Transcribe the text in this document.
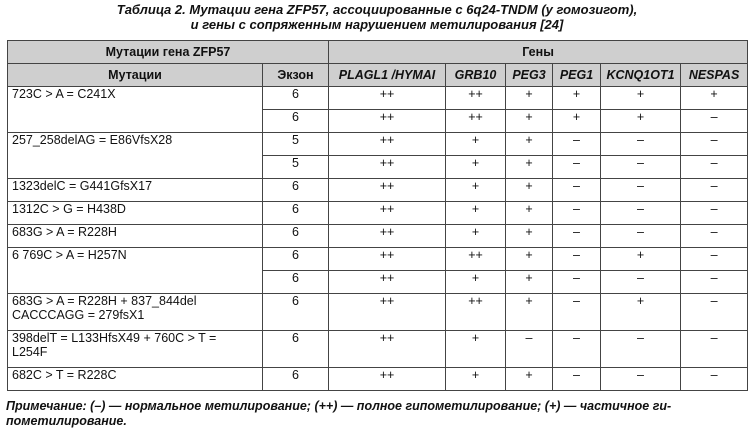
Таблица 2. Мутации гена ZFP57, ассоциированные с 6q24-TNDM (у гомозигот),
и гены с сопряженным нарушением метилирования [24]
Мутации гена ZFP57		Гены					
Мутации	Экзон	PLAGL1 /HYMAI	GRB10	PEG3	PEG1	KCNQ1OT1	NESPAS

723C > A = C241X	6	++	++	+	+	+	+
	6	++	++	+	+	+	–

257_258delAG = E86VfsX28	5	++	+	+	–	–	–
	5	++	+	+	–	–	–

1323delC = G441GfsX17	6	++	+	+	–	–	–

1312C > G = H438D	6	++	+	+	–	–	–

683G > A = R228H	6	++	+	+	–	–	–

6 769C > A = H257N	6	++	++	+	–	+	–
	6	++	+	+	–	–	–

683G > A = R228H + 837_844del
CACCCAGG = 279fsX1	6	++	++	+	–	+	–

398delT = L133HfsX49 + 760C > T =
L254F	6	++	+	–	–	–	–

682C > T = R228C	6	++	+	+	–	–	–
Примечание: (–) — нормальное метилирование; (++) — полное гипометилирование; (+) — частичное ги-
пометилирование.
